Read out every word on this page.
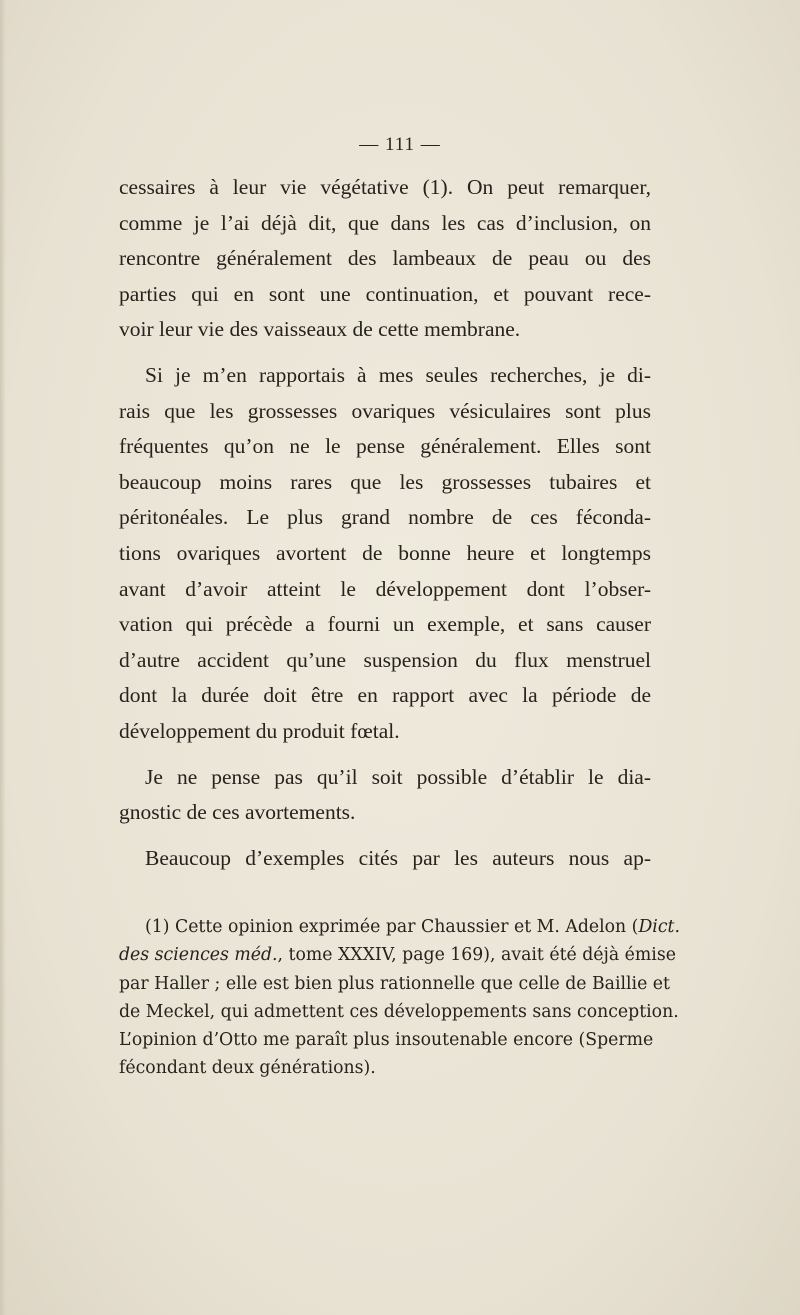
— 111 —
cessaires à leur vie végétative (1). On peut remarquer,
comme je l’ai déjà dit, que dans les cas d’inclusion, on
rencontre généralement des lambeaux de peau ou des
parties qui en sont une continuation, et pouvant rece-
voir leur vie des vaisseaux de cette membrane.
Si je m’en rapportais à mes seules recherches, je di-
rais que les grossesses ovariques vésiculaires sont plus
fréquentes qu’on ne le pense généralement. Elles sont
beaucoup moins rares que les grossesses tubaires et
péritonéales. Le plus grand nombre de ces féconda-
tions ovariques avortent de bonne heure et longtemps
avant d’avoir atteint le développement dont l’obser-
vation qui précède a fourni un exemple, et sans causer
d’autre accident qu’une suspension du flux menstruel
dont la durée doit être en rapport avec la période de
développement du produit fœtal.
Je ne pense pas qu’il soit possible d’établir le dia-
gnostic de ces avortements.
Beaucoup d’exemples cités par les auteurs nous ap-
(1) Cette opinion exprimée par Chaussier et M. Adelon (Dict.
des sciences méd., tome XXXIV, page 169), avait été déjà émise
par Haller ; elle est bien plus rationnelle que celle de Baillie et
de Meckel, qui admettent ces développements sans conception.
L’opinion d’Otto me paraît plus insoutenable encore (Sperme
fécondant deux générations).
